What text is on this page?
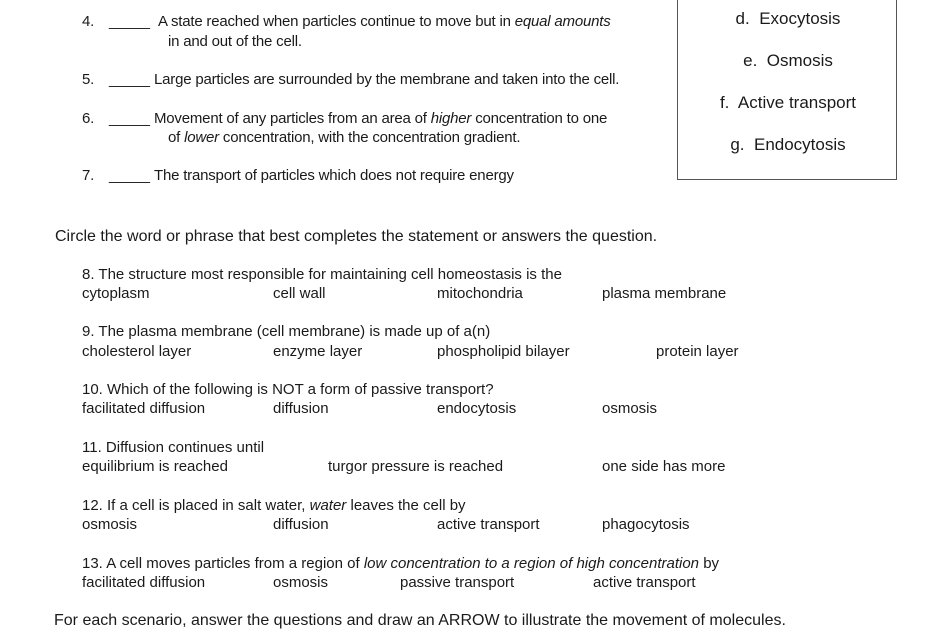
4. _____ A state reached when particles continue to move but in equal amounts
in and out of the cell.
5. _____ Large particles are surrounded by the membrane and taken into the cell.
6. _____ Movement of any particles from an area of higher concentration to one
of lower concentration, with the concentration gradient.
7. _____ The transport of particles which does not require energy
d. Exocytosis
e. Osmosis
f. Active transport
g. Endocytosis
Circle the word or phrase that best completes the statement or answers the question.
8. The structure most responsible for maintaining cell homeostasis is the
cytoplasm	cell wall	mitochondria	plasma membrane
9. The plasma membrane (cell membrane) is made up of a(n)
cholesterol layer	enzyme layer	phospholipid bilayer	protein layer
10. Which of the following is NOT a form of passive transport?
facilitated diffusion	diffusion	endocytosis	osmosis
11. Diffusion continues until
equilibrium is reached	turgor pressure is reached	one side has more
12. If a cell is placed in salt water, water leaves the cell by
osmosis	diffusion	active transport	phagocytosis
13. A cell moves particles from a region of low concentration to a region of high concentration by
facilitated diffusion	osmosis	passive transport	active transport
For each scenario, answer the questions and draw an ARROW to illustrate the movement of molecules.
